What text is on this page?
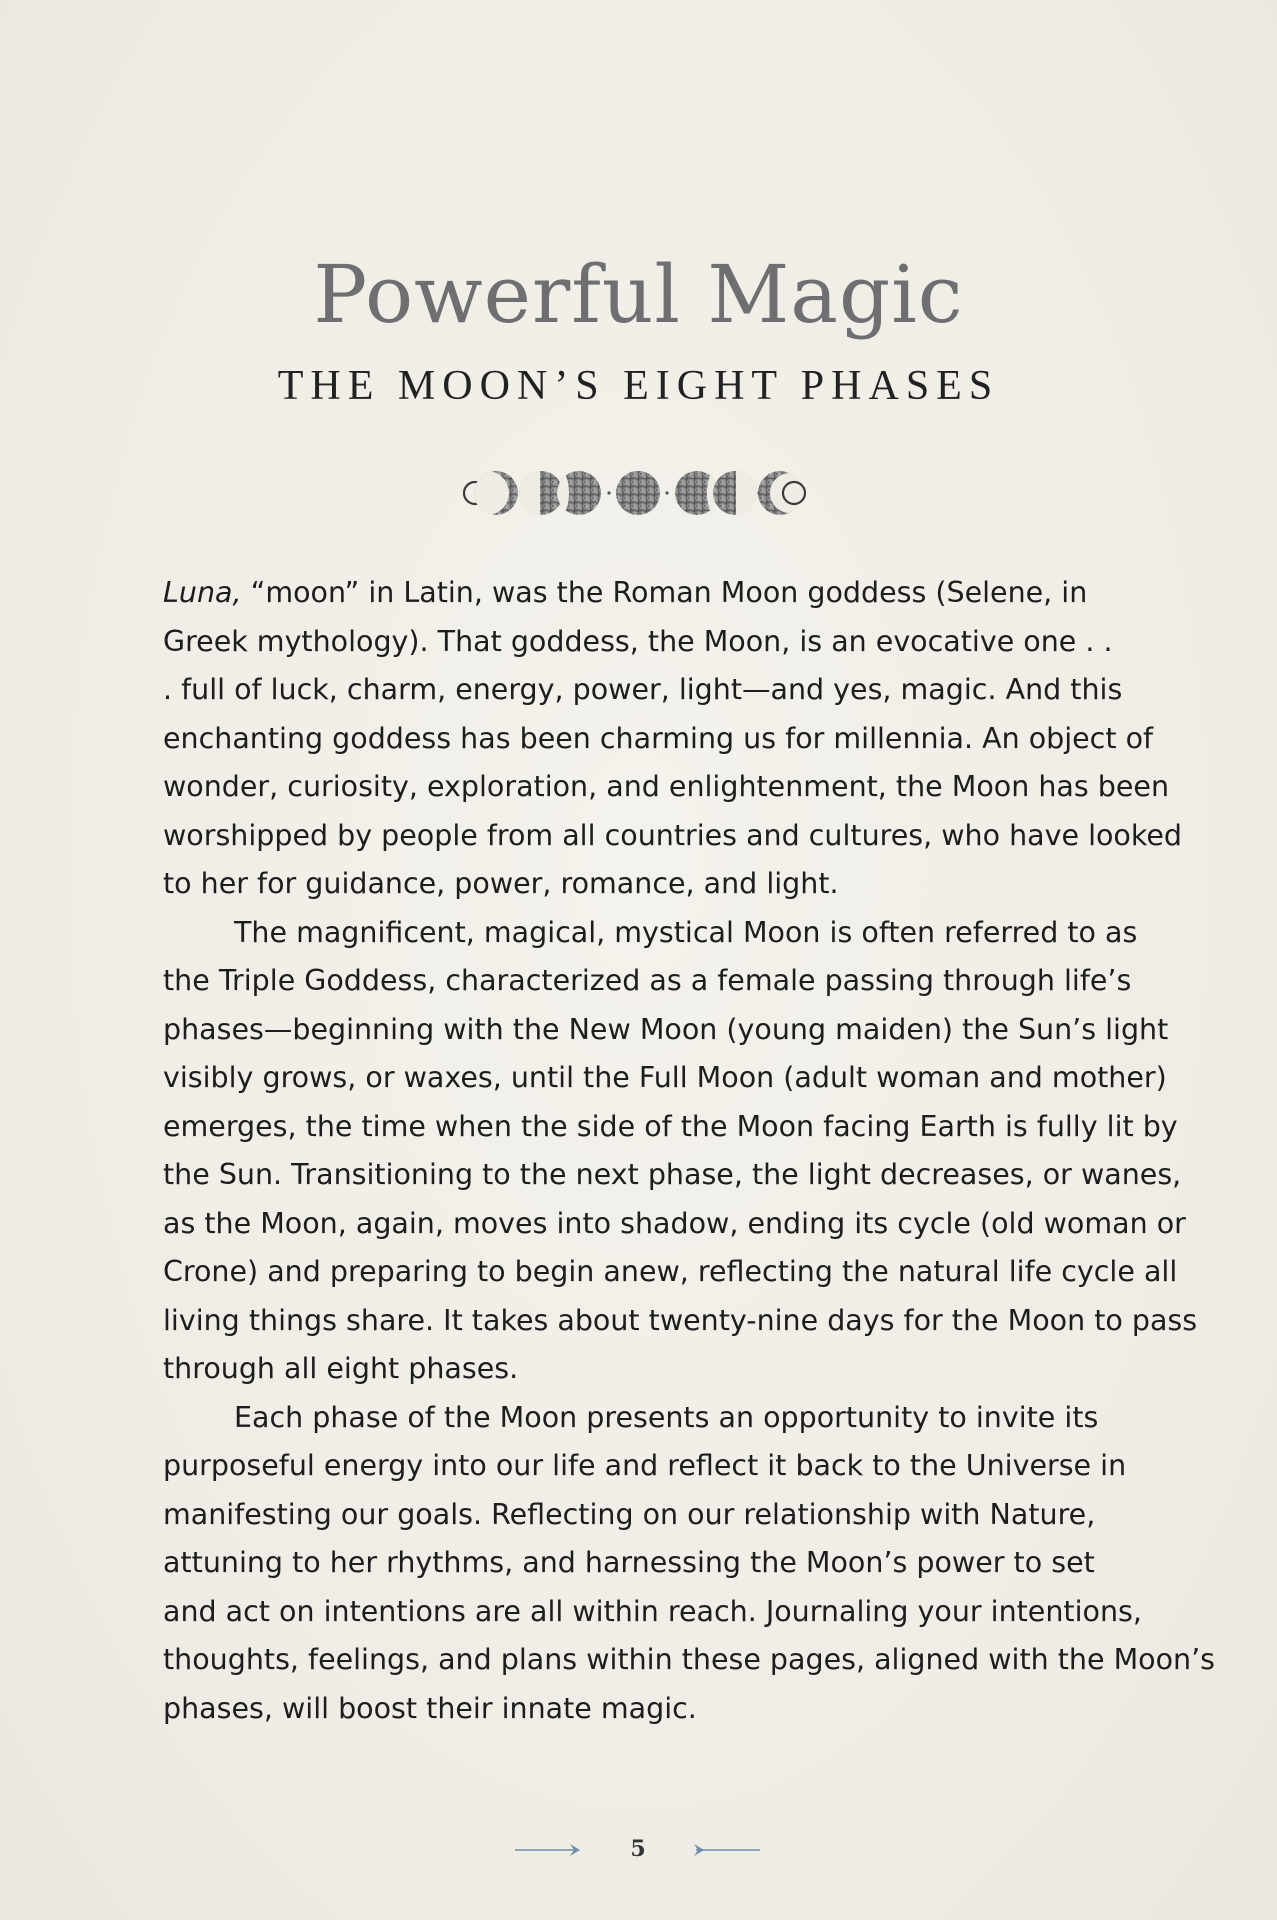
Powerful Magic
THE MOON’S EIGHT PHASES

Luna, “moon” in Latin, was the Roman Moon goddess (Selene, in
Greek mythology). That goddess, the Moon, is an evocative one . .
. full of luck, charm, energy, power, light—and yes, magic. And this
enchanting goddess has been charming us for millennia. An object of
wonder, curiosity, exploration, and enlightenment, the Moon has been
worshipped by people from all countries and cultures, who have looked
to her for guidance, power, romance, and light.

The magnificent, magical, mystical Moon is often referred to as
the Triple Goddess, characterized as a female passing through life’s
phases—beginning with the New Moon (young maiden) the Sun’s light
visibly grows, or waxes, until the Full Moon (adult woman and mother)
emerges, the time when the side of the Moon facing Earth is fully lit by
the Sun. Transitioning to the next phase, the light decreases, or wanes,
as the Moon, again, moves into shadow, ending its cycle (old woman or
Crone) and preparing to begin anew, reflecting the natural life cycle all
living things share. It takes about twenty-nine days for the Moon to pass
through all eight phases.

Each phase of the Moon presents an opportunity to invite its
purposeful energy into our life and reflect it back to the Universe in
manifesting our goals. Reflecting on our relationship with Nature,
attuning to her rhythms, and harnessing the Moon’s power to set
and act on intentions are all within reach. Journaling your intentions,
thoughts, feelings, and plans within these pages, aligned with the Moon’s
phases, will boost their innate magic.

5
